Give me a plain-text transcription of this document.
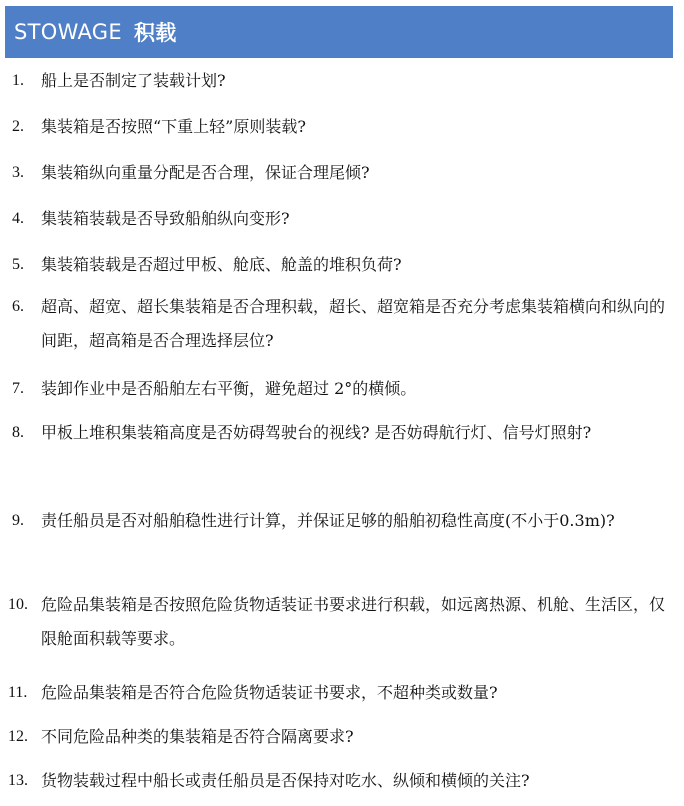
STOWAGE 积载
1. 船上是否制定了装载计划?
2. 集装箱是否按照“下重上轻”原则装载?
3. 集装箱纵向重量分配是否合理，保证合理尾倾?
4. 集装箱装载是否导致船舶纵向变形?
5. 集装箱装载是否超过甲板、舱底、舱盖的堆积负荷?
6. 超高、超宽、超长集装箱是否合理积载，超长、超宽箱是否充分考虑集装箱横向和纵向的间距，超高箱是否合理选择层位?
7. 装卸作业中是否船舶左右平衡，避免超过 2°的横倾。
8. 甲板上堆积集装箱高度是否妨碍驾驶台的视线? 是否妨碍航行灯、信号灯照射?
9. 责任船员是否对船舶稳性进行计算，并保证足够的船舶初稳性高度(不小于0.3m)?
10. 危险品集装箱是否按照危险货物适装证书要求进行积载，如远离热源、机舱、生活区，仅限舱面积载等要求。
11. 危险品集装箱是否符合危险货物适装证书要求，不超种类或数量?
12. 不同危险品种类的集装箱是否符合隔离要求?
13. 货物装载过程中船长或责任船员是否保持对吃水、纵倾和横倾的关注?
